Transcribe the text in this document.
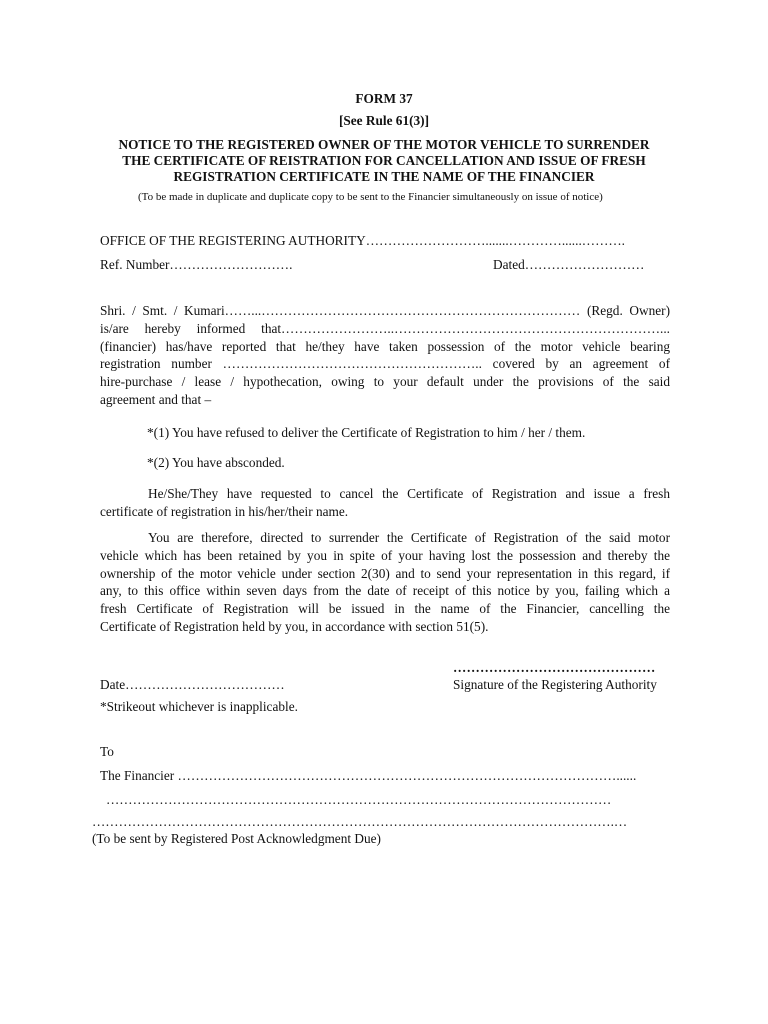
FORM 37
[See Rule 61(3)]
NOTICE TO THE REGISTERED OWNER OF THE MOTOR VEHICLE TO SURRENDER
THE CERTIFICATE OF REISTRATION FOR CANCELLATION AND ISSUE OF FRESH
REGISTRATION CERTIFICATE IN THE NAME OF THE FINANCIER
(To be made in duplicate and duplicate copy to be sent to the Financier simultaneously on issue of notice)
OFFICE OF THE REGISTERING AUTHORITY……………………….......…………......……….
Ref. Number……………………….	Dated………………………
Shri. / Smt. / Kumari……...……………………………………………………………… (Regd. Owner)
is/are hereby informed that……………………..……………………………………………………...
(financier) has/have reported that he/they have taken possession of the motor vehicle bearing
registration number ………………………………………………….. covered by an agreement of
hire-purchase / lease / hypothecation, owing to your default under the provisions of the said
agreement and that –
*(1) You have refused to deliver the Certificate of Registration to him / her / them.
*(2) You have absconded.
He/She/They have requested to cancel the Certificate of Registration and issue a fresh
certificate of registration in his/her/their name.
You are therefore, directed to surrender the Certificate of Registration of the said motor
vehicle which has been retained by you in spite of your having lost the possession and thereby the
ownership of the motor vehicle under section 2(30) and to send your representation in this regard, if
any, to this office within seven days from the date of receipt of this notice by you, failing which a
fresh Certificate of Registration will be issued in the name of the Financier, cancelling the
Certificate of Registration held by you, in accordance with section 51(5).
………………………………………
Date………………………………	Signature of the Registering Authority
*Strikeout whichever is inapplicable.
To
The Financier ………………………………………………………………………………………......
……………………………………………………………………………………………………
……………………………………………………………………………………………………….…
(To be sent by Registered Post Acknowledgment Due)
